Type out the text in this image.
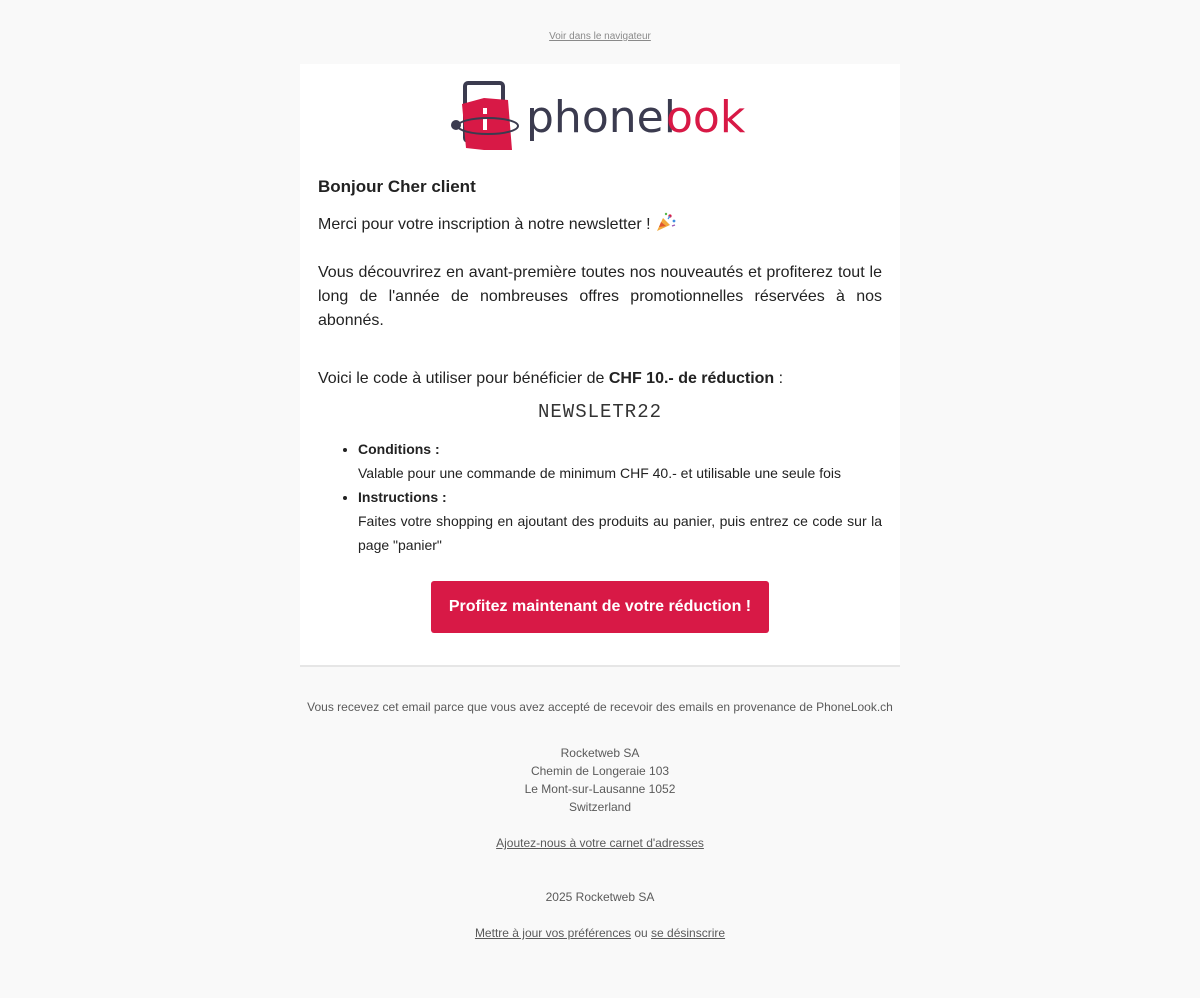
Voir dans le navigateur
phonel
ook

Bonjour Cher client

Merci pour votre inscription à notre newsletter !

Vous découvrirez en avant-première toutes nos nouveautés et profiterez tout le long de l'année de nombreuses offres promotionnelles réservées à nos abonnés.

Voici le code à utiliser pour bénéficier de CHF 10.- de réduction :

NEWSLETR22
• Conditions :
Valable pour une commande de minimum CHF 40.- et utilisable une seule fois
• Instructions :
Faites votre shopping en ajoutant des produits au panier, puis entrez ce code sur la page "panier"
Profitez maintenant de votre réduction !

Vous recevez cet email parce que vous avez accepté de recevoir des emails en provenance de PhoneLook.ch

Rocketweb SA
Chemin de Longeraie 103
Le Mont-sur-Lausanne 1052
Switzerland
Ajoutez-nous à votre carnet d'adresses
2025 Rocketweb SA
Mettre à jour vos préférences ou se désinscrire
